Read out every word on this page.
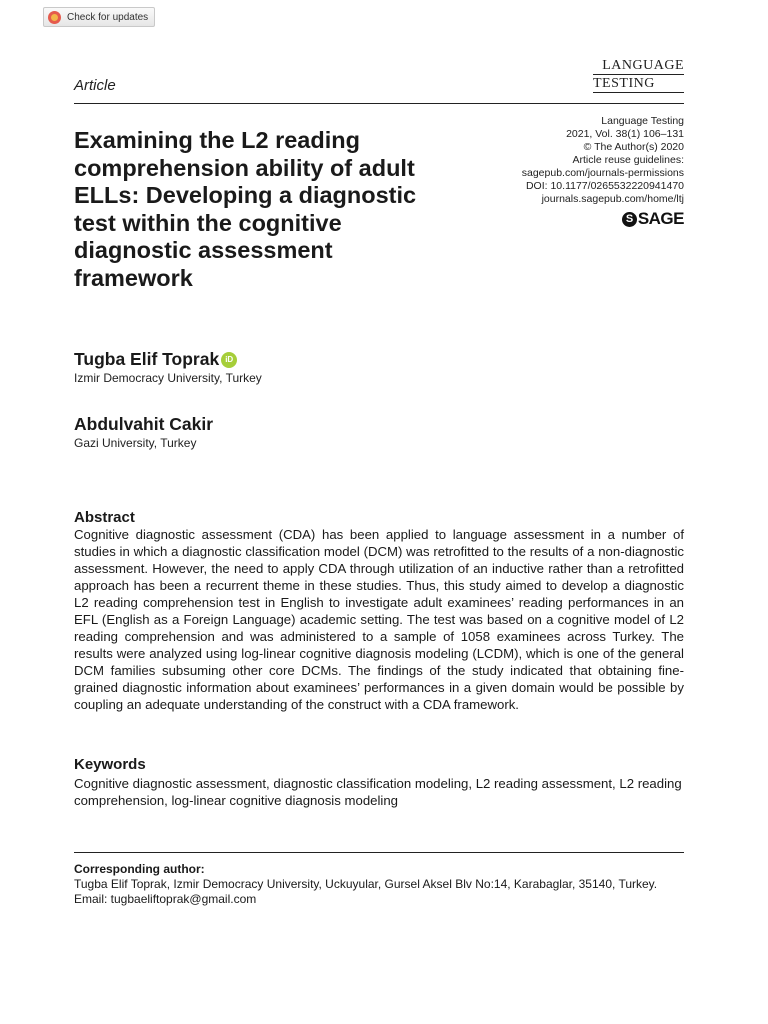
Check for updates
LANGUAGE
TESTING
Article
Language Testing
2021, Vol. 38(1) 106–131
© The Author(s) 2020
Article reuse guidelines:
sagepub.com/journals-permissions
DOI: 10.1177/0265532220941470
journals.sagepub.com/home/ltj
S SAGE
Examining the L2 reading comprehension ability of adult ELLs: Developing a diagnostic test within the cognitive diagnostic assessment framework
Tugba Elif Toprak iD
Izmir Democracy University, Turkey
Abdulvahit Cakir
Gazi University, Turkey
Abstract

Cognitive diagnostic assessment (CDA) has been applied to language assessment in a number of studies in which a diagnostic classification model (DCM) was retrofitted to the results of a non-diagnostic assessment. However, the need to apply CDA through utilization of an inductive rather than a retrofitted approach has been a recurrent theme in these studies. Thus, this study aimed to develop a diagnostic L2 reading comprehension test in English to investigate adult examinees’ reading performances in an EFL (English as a Foreign Language) academic setting. The test was based on a cognitive model of L2 reading comprehension and was administered to a sample of 1058 examinees across Turkey. The results were analyzed using log-linear cognitive diagnosis modeling (LCDM), which is one of the general DCM families subsuming other core DCMs. The findings of the study indicated that obtaining fine-grained diagnostic information about examinees’ performances in a given domain would be possible by coupling an adequate understanding of the construct with a CDA framework.

Keywords

Cognitive diagnostic assessment, diagnostic classification modeling, L2 reading assessment, L2 reading comprehension, log-linear cognitive diagnosis modeling

Corresponding author:
Tugba Elif Toprak, Izmir Democracy University, Uckuyular, Gursel Aksel Blv No:14, Karabaglar, 35140, Turkey.
Email: tugbaeliftoprak@gmail.com
